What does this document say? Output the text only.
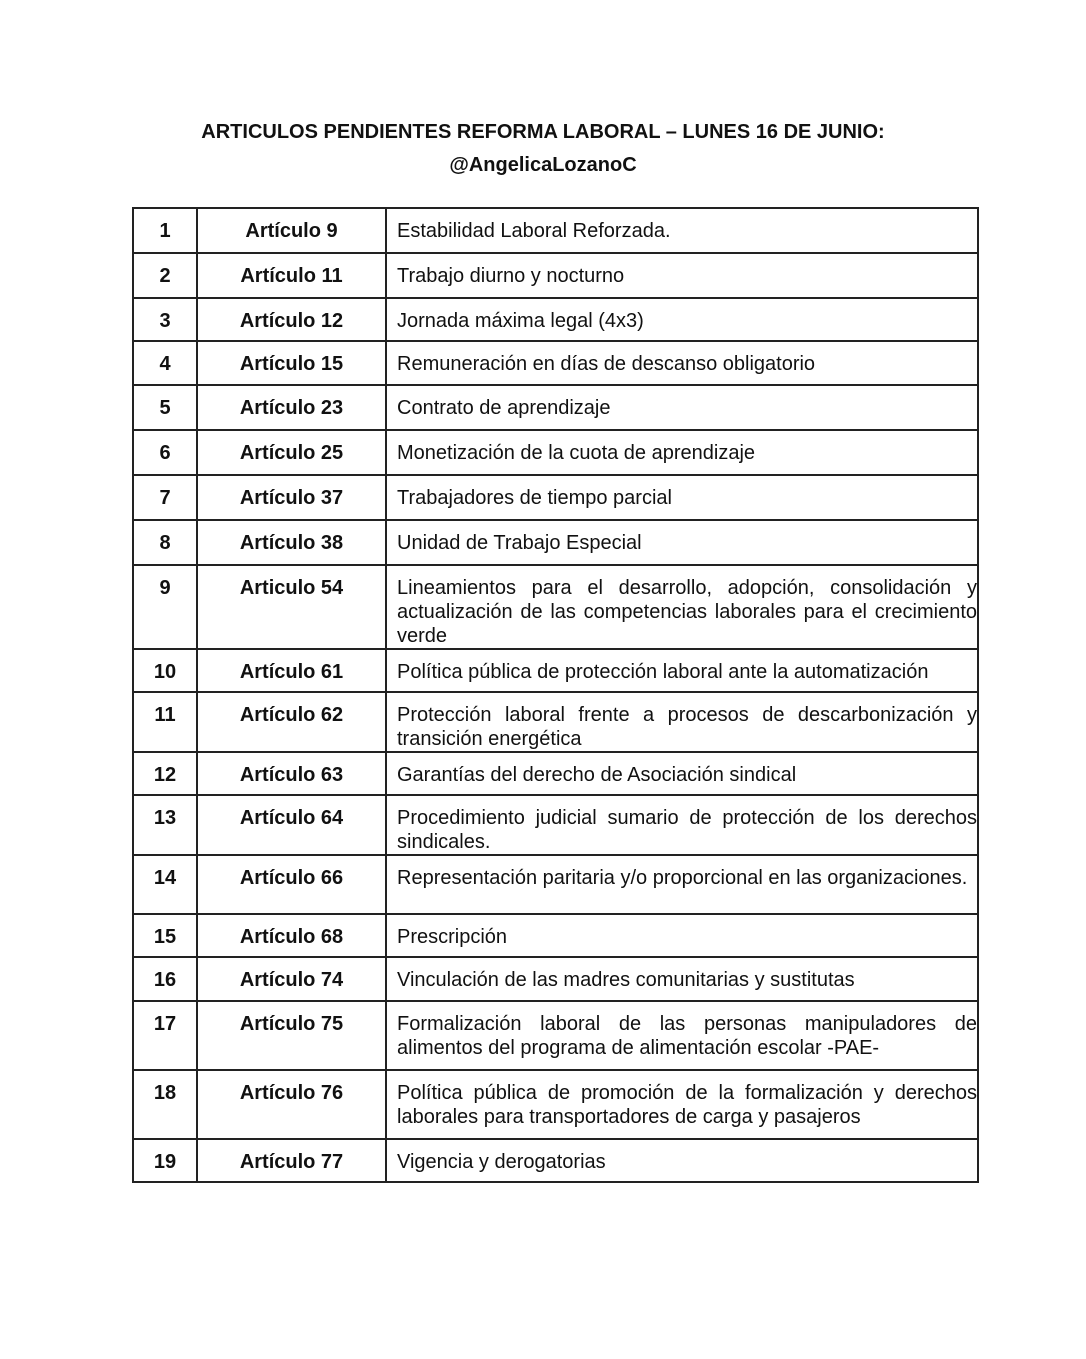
ARTICULOS PENDIENTES REFORMA LABORAL – LUNES 16 DE JUNIO:

@AngelicaLozanoC

1	Artículo 9	Estabilidad Laboral Reforzada.
2	Artículo 11	Trabajo diurno y nocturno
3	Artículo 12	Jornada máxima legal (4x3)
4	Artículo 15	Remuneración en días de descanso obligatorio
5	Artículo 23	Contrato de aprendizaje
6	Artículo 25	Monetización de la cuota de aprendizaje
7	Artículo 37	Trabajadores de tiempo parcial
8	Artículo 38	Unidad de Trabajo Especial
9	Articulo 54	Lineamientos para el desarrollo, adopción, consolidación y actualización de las competencias laborales para el crecimiento verde
10	Artículo 61	Política pública de protección laboral ante la automatización
11	Artículo 62	Protección laboral frente a procesos de descarbonización y transición energética
12	Artículo 63	Garantías del derecho de Asociación sindical
13	Artículo 64	Procedimiento judicial sumario de protección de los derechos sindicales.
14	Artículo 66	Representación paritaria y/o proporcional en las organizaciones.
15	Artículo 68	Prescripción
16	Artículo 74	Vinculación de las madres comunitarias y sustitutas
17	Artículo 75	Formalización laboral de las personas manipuladores de alimentos del programa de alimentación escolar -PAE-
18	Artículo 76	Política pública de promoción de la formalización y derechos laborales para transportadores de carga y pasajeros
19	Artículo 77	Vigencia y derogatorias
